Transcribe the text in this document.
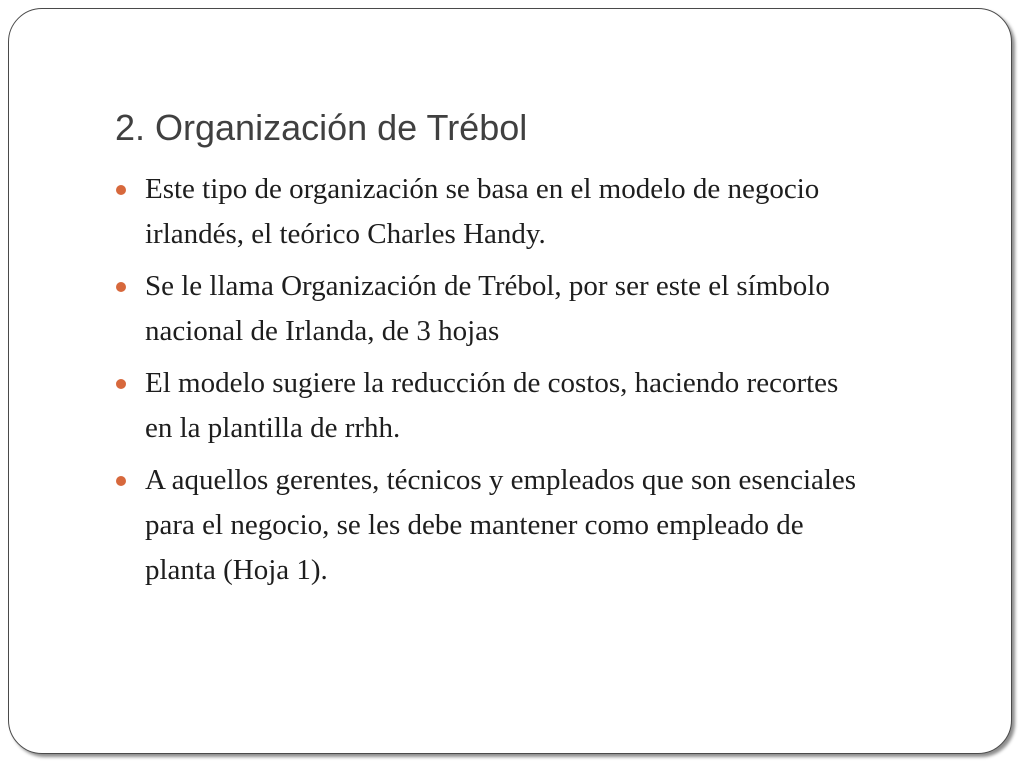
2. Organización de Trébol
Este tipo de organización se basa en el modelo de negocio
irlandés, el teórico Charles Handy.
Se le llama Organización de Trébol, por ser este el símbolo
nacional de Irlanda, de 3 hojas
El modelo sugiere la reducción de costos, haciendo recortes
en la plantilla de rrhh.
A aquellos gerentes, técnicos y empleados que son esenciales
para el negocio, se les debe mantener como empleado de
planta (Hoja 1).
